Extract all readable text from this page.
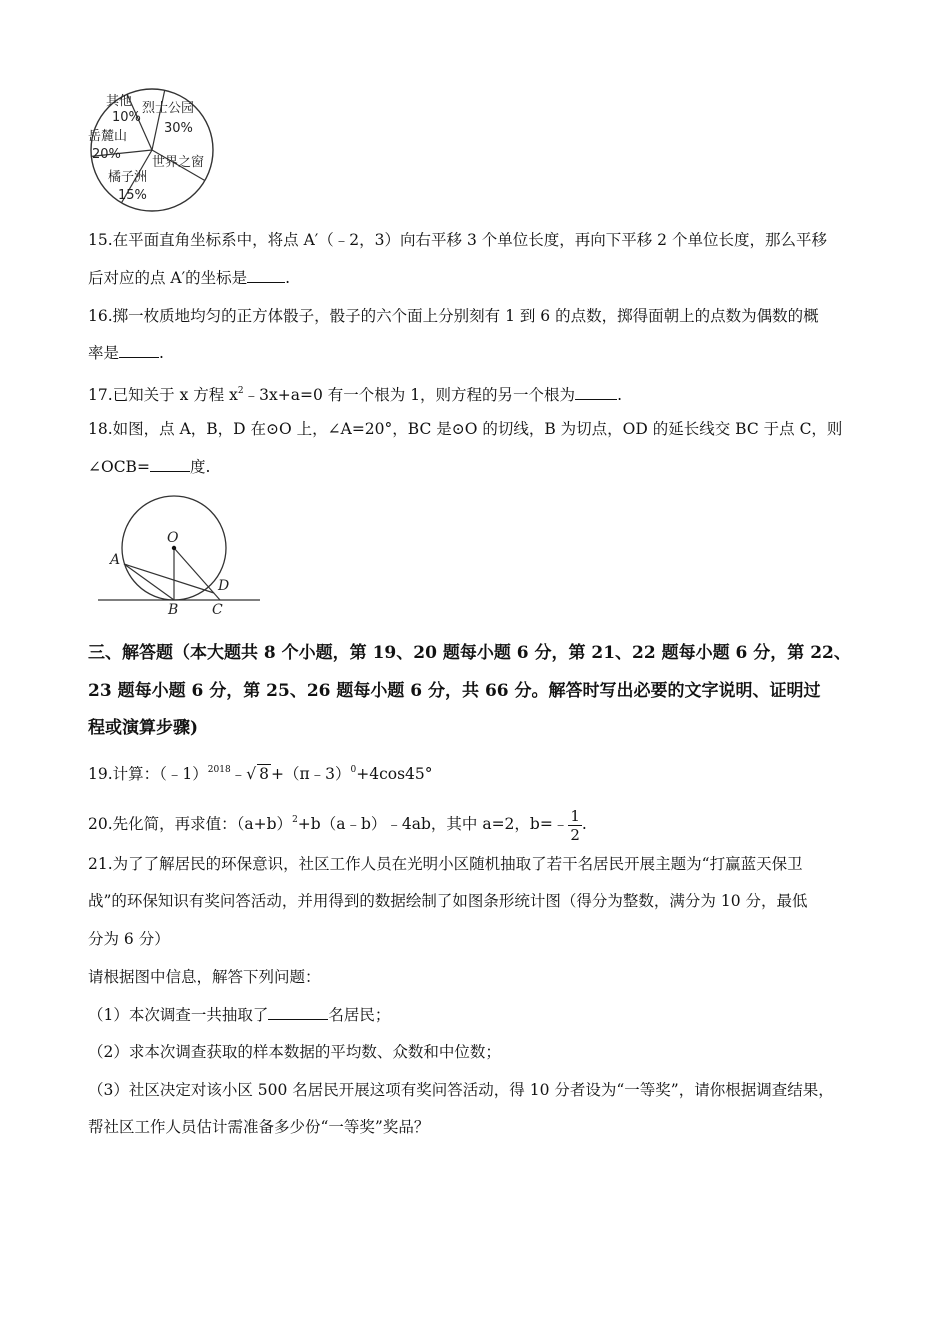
烈士公园
30%
世界之窗
橘子洲
15%
岳麓山
20%
其他
10%
15.在平面直角坐标系中，将点 A′（﹣2，3）向右平移 3 个单位长度，再向下平移 2 个单位长度，那么平移
后对应的点 A′的坐标是 .
16.掷一枚质地均匀的正方体骰子，骰子的六个面上分别刻有 1 到 6 的点数，掷得面朝上的点数为偶数的概
率是	.
17.已知关于 x 方程 $x^2﹣3x+a=0$ 有一个根为 1，则方程的另一个根为	.
18.如图，点 A，B，D 在⊙O 上，∠A=20°，BC 是⊙O 的切线，B 为切点，OD 的延长线交 BC 于点 C，则
∠OCB=	度.
O
A
B C
D
三、解答题（本大题共 8 个小题，第 19、20 题每小题 6 分，第 21、22 题每小题 6 分，第 22、
23 题每小题 6 分，第 25、26 题每小题 6 分，共 66 分。解答时写出必要的文字说明、证明过
程或演算步骤)
19.计算：（﹣1）$^{2018}$﹣√ 8 +（π﹣3）$^0$+4cos45°
20.先化简，再求值：$(a+b)^2+b(a﹣b)﹣4ab$，其中 a=2，b=﹣ $\frac{1}{2}$ .
21.为了了解居民的环保意识，社区工作人员在光明小区随机抽取了若干名居民开展主题为“打赢蓝天保卫
战”的环保知识有奖问答活动，并用得到的数据绘制了如图条形统计图（得分为整数，满分为 10 分，最低
分为 6 分）
请根据图中信息，解答下列问题：
（1）本次调查一共抽取了	名居民；
（2）求本次调查获取的样本数据的平均数、众数和中位数；
（3）社区决定对该小区 500 名居民开展这项有奖问答活动，得 10 分者设为“一等奖”，请你根据调查结果，
帮社区工作人员估计需准备多少份“一等奖”奖品？
